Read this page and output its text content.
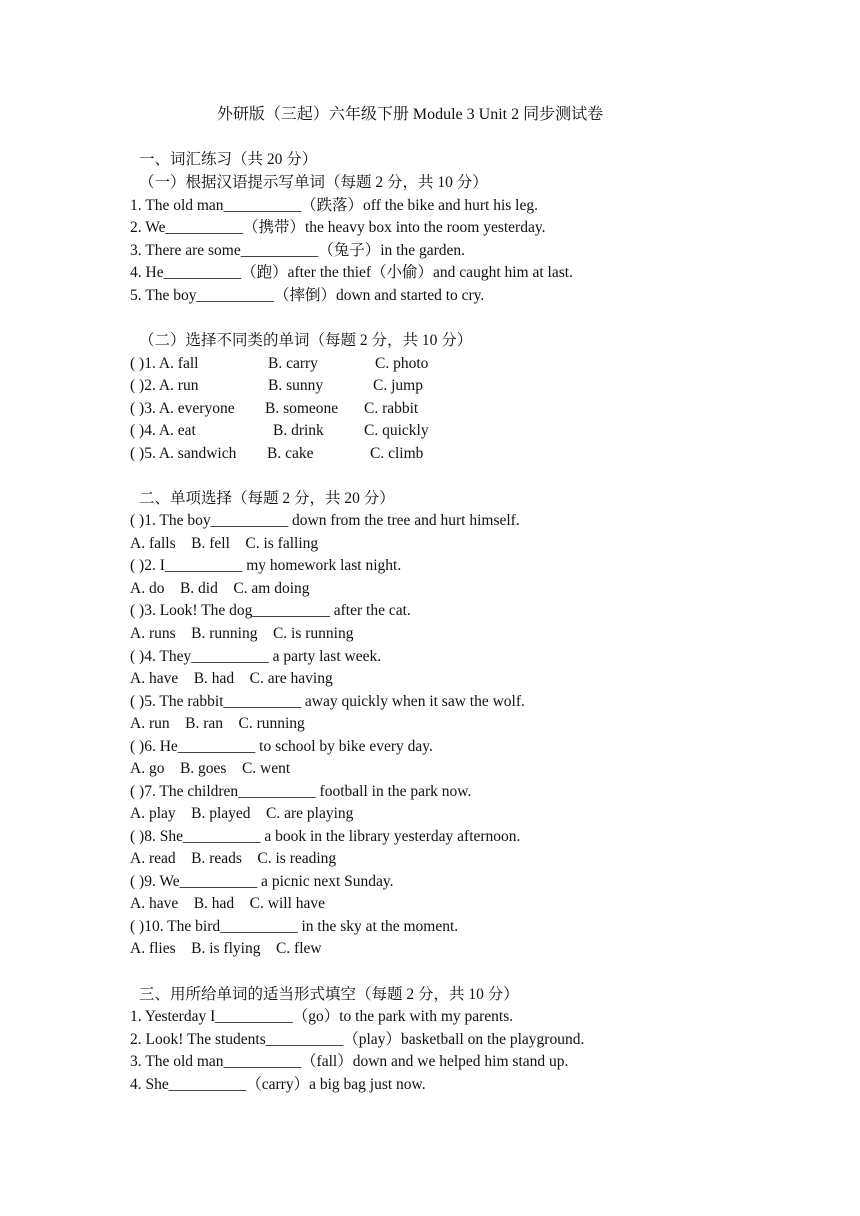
外研版（三起）六年级下册 Module 3 Unit 2 同步测试卷
一、词汇练习（共 20 分）
（一）根据汉语提示写单词（每题 2 分，共 10 分）
1. The old man__________（跌落）off the bike and hurt his leg.
2. We__________（携带）the heavy box into the room yesterday.
3. There are some__________（兔子）in the garden.
4. He__________（跑）after the thief（小偷）and caught him at last.
5. The boy__________（摔倒）down and started to cry.
（二）选择不同类的单词（每题 2 分，共 10 分）
( )1. A. fall	B. carry	C. photo
( )2. A. run	B. sunny	C. jump
( )3. A. everyone B. someone C. rabbit
( )4. A. eat	B. drink	C. quickly
( )5. A. sandwich B. cake	C. climb
二、单项选择（每题 2 分，共 20 分）
( )1. The boy__________ down from the tree and hurt himself.
A. falls    B. fell    C. is falling
( )2. I__________ my homework last night.
A. do    B. did    C. am doing
( )3. Look! The dog__________ after the cat.
A. runs    B. running    C. is running
( )4. They__________ a party last week.
A. have    B. had    C. are having
( )5. The rabbit__________ away quickly when it saw the wolf.
A. run    B. ran    C. running
( )6. He__________ to school by bike every day.
A. go    B. goes    C. went
( )7. The children__________ football in the park now.
A. play    B. played    C. are playing
( )8. She__________ a book in the library yesterday afternoon.
A. read    B. reads    C. is reading
( )9. We__________ a picnic next Sunday.
A. have    B. had    C. will have
( )10. The bird__________ in the sky at the moment.
A. flies    B. is flying    C. flew
三、用所给单词的适当形式填空（每题 2 分，共 10 分）
1. Yesterday I__________（go）to the park with my parents.
2. Look! The students__________（play）basketball on the playground.
3. The old man__________（fall）down and we helped him stand up.
4. She__________（carry）a big bag just now.
